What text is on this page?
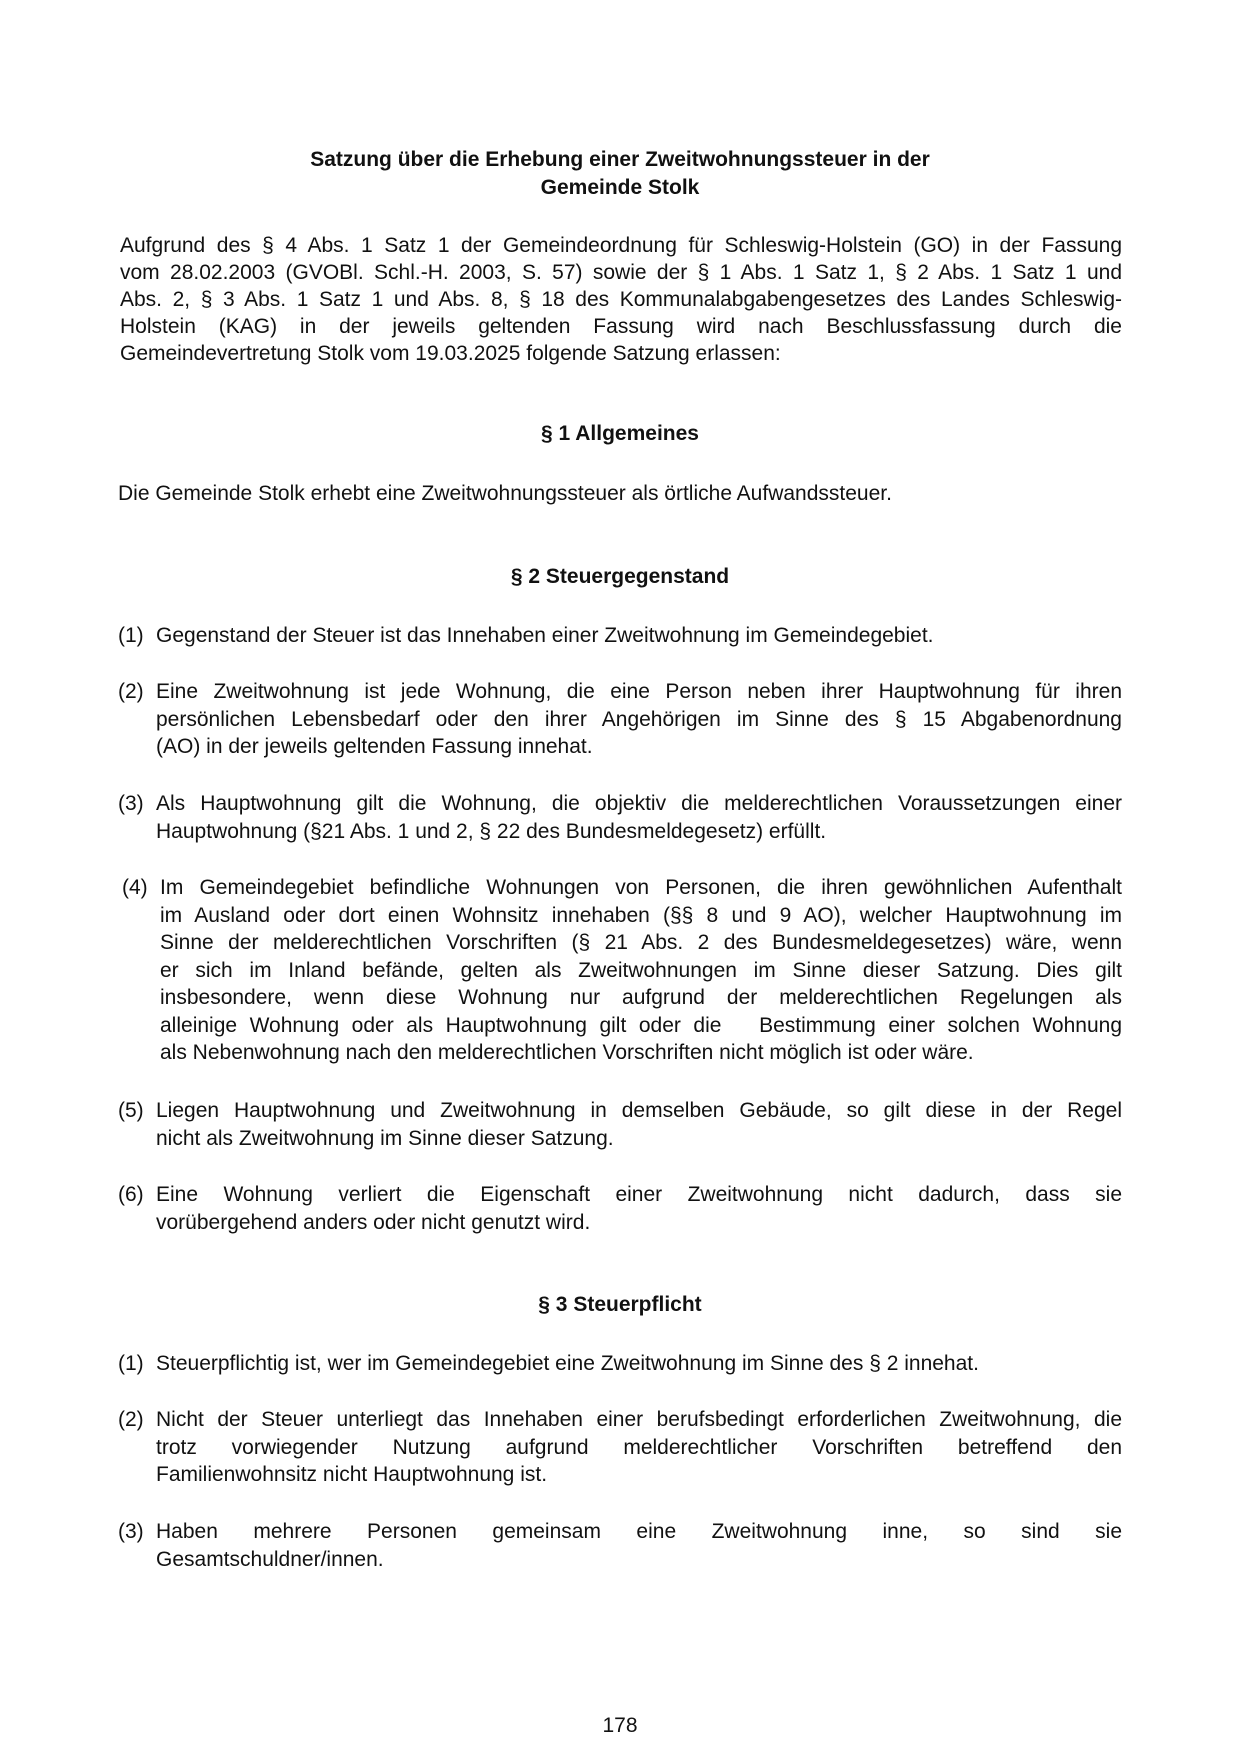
Satzung über die Erhebung einer Zweitwohnungssteuer in der
Gemeinde Stolk
Aufgrund des § 4 Abs. 1 Satz 1 der Gemeindeordnung für Schleswig-Holstein (GO) in der Fassung
vom 28.02.2003 (GVOBl. Schl.-H. 2003, S. 57) sowie der § 1 Abs. 1 Satz 1, § 2 Abs. 1 Satz 1 und
Abs. 2, § 3 Abs. 1 Satz 1 und Abs. 8, § 18 des Kommunalabgabengesetzes des Landes Schleswig-
Holstein (KAG) in der jeweils geltenden Fassung wird nach Beschlussfassung durch die
Gemeindevertretung Stolk vom 19.03.2025 folgende Satzung erlassen:
§ 1 Allgemeines
Die Gemeinde Stolk erhebt eine Zweitwohnungssteuer als örtliche Aufwandssteuer.
§ 2 Steuergegenstand
(1) Gegenstand der Steuer ist das Innehaben einer Zweitwohnung im Gemeindegebiet.
(2) Eine Zweitwohnung ist jede Wohnung, die eine Person neben ihrer Hauptwohnung für ihren
persönlichen Lebensbedarf oder den ihrer Angehörigen im Sinne des § 15 Abgabenordnung
(AO) in der jeweils geltenden Fassung innehat.
(3) Als Hauptwohnung gilt die Wohnung, die objektiv die melderechtlichen Voraussetzungen einer
Hauptwohnung (§21 Abs. 1 und 2, § 22 des Bundesmeldegesetz) erfüllt.
(4) Im Gemeindegebiet befindliche Wohnungen von Personen, die ihren gewöhnlichen Aufenthalt
im Ausland oder dort einen Wohnsitz innehaben (§§ 8 und 9 AO), welcher Hauptwohnung im
Sinne der melderechtlichen Vorschriften (§ 21 Abs. 2 des Bundesmeldegesetzes) wäre, wenn
er sich im Inland befände, gelten als Zweitwohnungen im Sinne dieser Satzung. Dies gilt
insbesondere, wenn diese Wohnung nur aufgrund der melderechtlichen Regelungen als
alleinige Wohnung oder als Hauptwohnung gilt oder die   Bestimmung einer solchen Wohnung
als Nebenwohnung nach den melderechtlichen Vorschriften nicht möglich ist oder wäre.
(5) Liegen Hauptwohnung und Zweitwohnung in demselben Gebäude, so gilt diese in der Regel
nicht als Zweitwohnung im Sinne dieser Satzung.
(6) Eine Wohnung verliert die Eigenschaft einer Zweitwohnung nicht dadurch, dass sie
vorübergehend anders oder nicht genutzt wird.
§ 3 Steuerpflicht
(1) Steuerpflichtig ist, wer im Gemeindegebiet eine Zweitwohnung im Sinne des § 2 innehat.
(2) Nicht der Steuer unterliegt das Innehaben einer berufsbedingt erforderlichen Zweitwohnung, die
trotz vorwiegender Nutzung aufgrund melderechtlicher Vorschriften betreffend den
Familienwohnsitz nicht Hauptwohnung ist.
(3) Haben mehrere Personen gemeinsam eine Zweitwohnung inne, so sind sie
Gesamtschuldner/innen.
178
